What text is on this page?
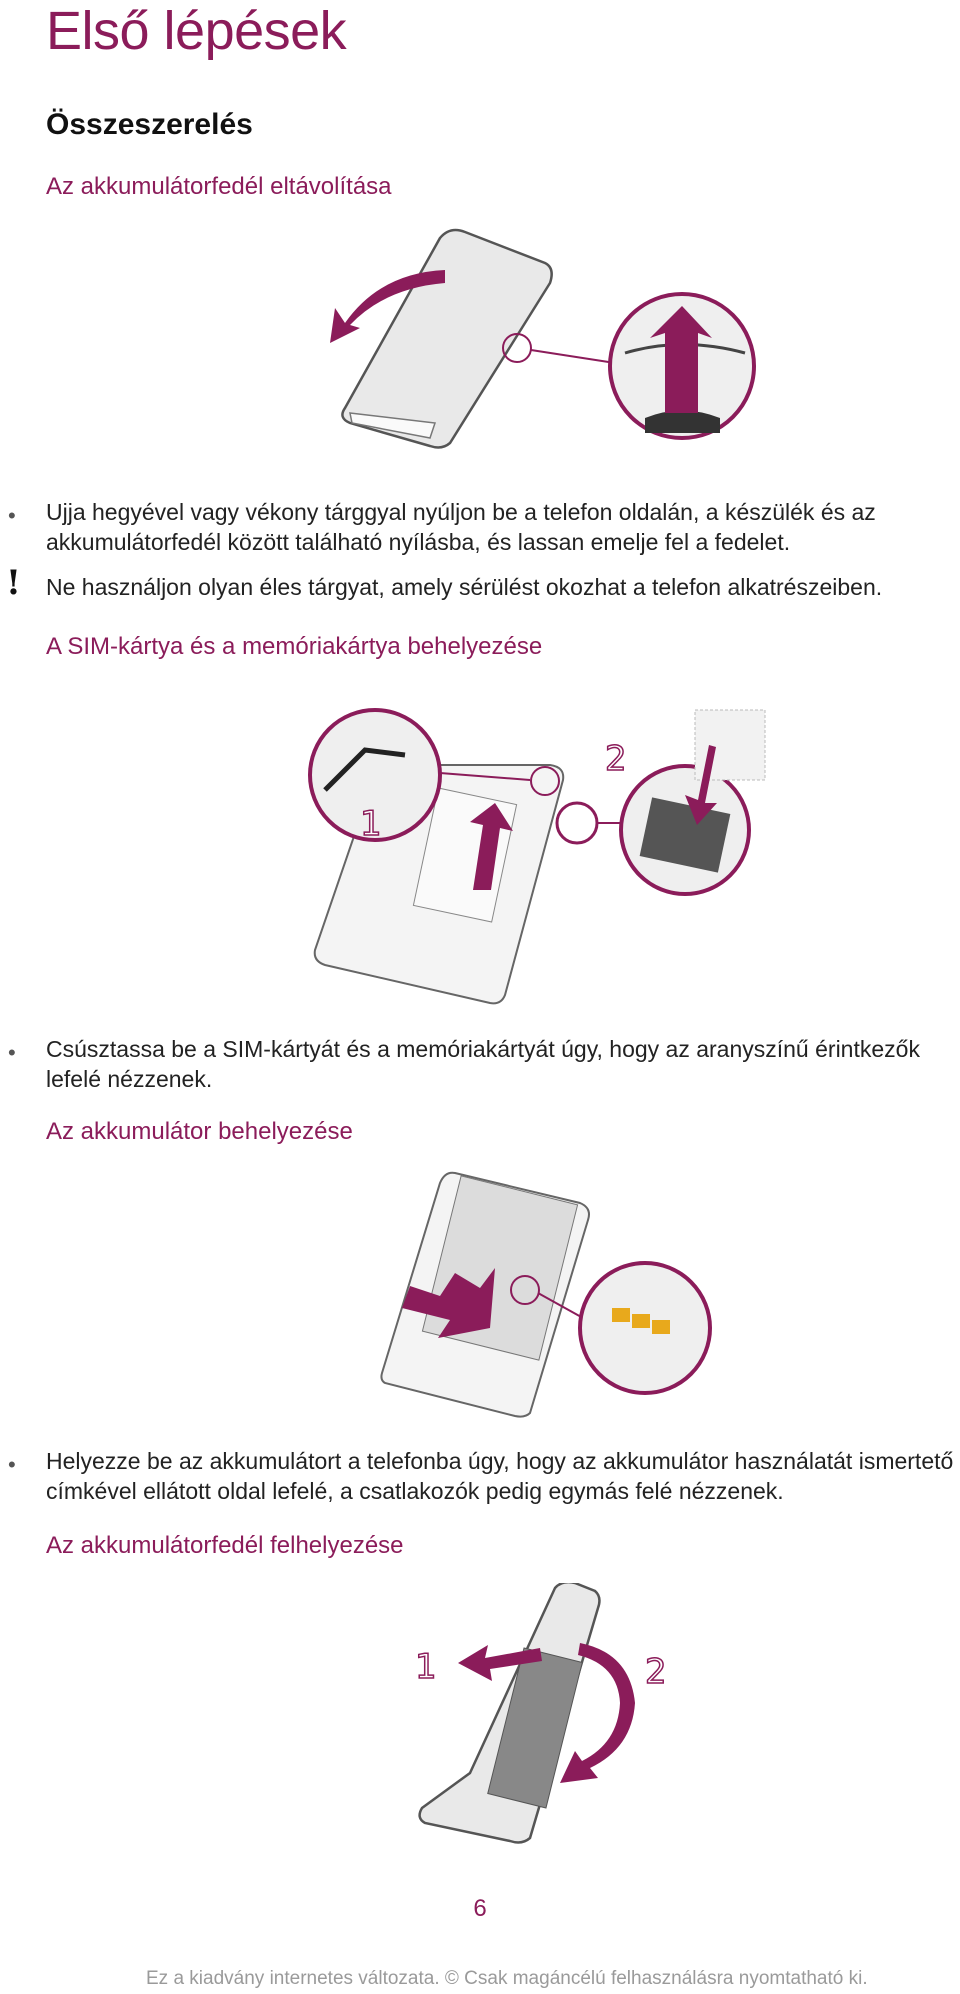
Első lépések
Összeszerelés
Az akkumulátorfedél eltávolítása
• Ujja hegyével vagy vékony tárggyal nyúljon be a telefon oldalán, a készülék és az akkumulátorfedél között található nyílásba, és lassan emelje fel a fedelet.
! Ne használjon olyan éles tárgyat, amely sérülést okozhat a telefon alkatrészeiben.
A SIM-kártya és a memóriakártya behelyezése
1
2
• Csúsztassa be a SIM-kártyát és a memóriakártyát úgy, hogy az aranyszínű érintkezők lefelé nézzenek.
Az akkumulátor behelyezése
• Helyezze be az akkumulátort a telefonba úgy, hogy az akkumulátor használatát ismertető címkével ellátott oldal lefelé, a csatlakozók pedig egymás felé nézzenek.
Az akkumulátorfedél felhelyezése
1	2
6
Ez a kiadvány internetes változata. © Csak magáncélú felhasználásra nyomtatható ki.
